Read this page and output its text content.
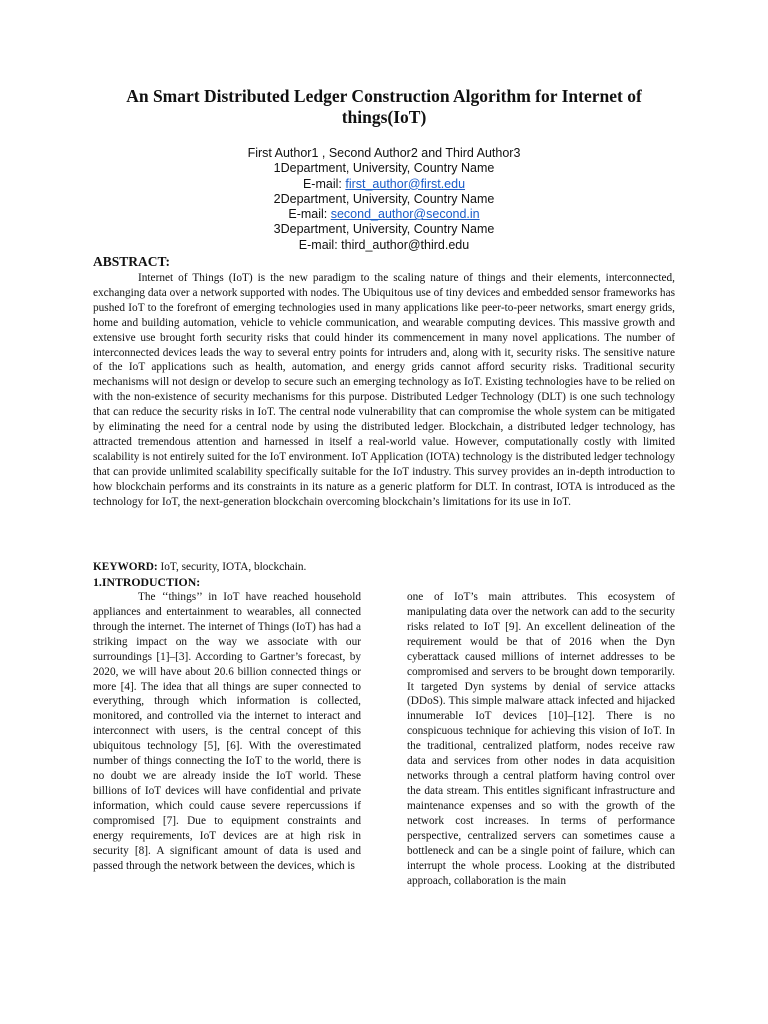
An Smart Distributed Ledger Construction Algorithm for Internet of things(IoT)
First Author1 , Second Author2 and Third Author3
1Department, University, Country Name
E-mail: first_author@first.edu
2Department, University, Country Name
E-mail: second_author@second.in
3Department, University, Country Name
E-mail: third_author@third.edu
ABSTRACT:

Internet of Things (IoT) is the new paradigm to the scaling nature of things and their elements, interconnected, exchanging data over a network supported with nodes. The Ubiquitous use of tiny devices and embedded sensor frameworks has pushed IoT to the forefront of emerging technologies used in many applications like peer-to-peer networks, smart energy grids, home and building automation, vehicle to vehicle communication, and wearable computing devices. This massive growth and extensive use brought forth security risks that could hinder its commencement in many novel applications. The number of interconnected devices leads the way to several entry points for intruders and, along with it, security risks. The sensitive nature of the IoT applications such as health, automation, and energy grids cannot afford security risks. Traditional security mechanisms will not design or develop to secure such an emerging technology as IoT. Existing technologies have to be relied on with the non-existence of security mechanisms for this purpose. Distributed Ledger Technology (DLT) is one such technology that can reduce the security risks in IoT. The central node vulnerability that can compromise the whole system can be mitigated by eliminating the need for a central node by using the distributed ledger. Blockchain, a distributed ledger technology, has attracted tremendous attention and harnessed in itself a real-world value. However, computationally costly with limited scalability is not entirely suited for the IoT environment. IoT Application (IOTA) technology is the distributed ledger technology that can provide unlimited scalability specifically suitable for the IoT industry. This survey provides an in-depth introduction to how blockchain performs and its constraints in its nature as a generic platform for DLT. In contrast, IOTA is introduced as the technology for IoT, the next-generation blockchain overcoming blockchain’s limitations for its use in IoT.

KEYWORD: IoT, security, IOTA, blockchain.

1.INTRODUCTION:

The ‘‘things’’ in IoT have reached household appliances and entertainment to wearables, all connected through the internet. The internet of Things (IoT) has had a striking impact on the way we associate with our surroundings [1]–[3]. According to Gartner’s forecast, by 2020, we will have about 20.6 billion connected things or more [4]. The idea that all things are super connected to everything, through which information is collected, monitored, and controlled via the internet to interact and interconnect with users, is the central concept of this ubiquitous technology [5], [6]. With the overestimated number of things connecting the IoT to the world, there is no doubt we are already inside the IoT world. These billions of IoT devices will have confidential and private information, which could cause severe repercussions if compromised [7]. Due to equipment constraints and energy requirements, IoT devices are at high risk in security [8]. A significant amount of data is used and passed through the network between the devices, which is

one of IoT’s main attributes. This ecosystem of manipulating data over the network can add to the security risks related to IoT [9]. An excellent delineation of the requirement would be that of 2016 when the Dyn cyberattack caused millions of internet addresses to be compromised and servers to be brought down temporarily. It targeted Dyn systems by denial of service attacks (DDoS). This simple malware attack infected and hijacked innumerable IoT devices [10]–[12]. There is no conspicuous technique for achieving this vision of IoT. In the traditional, centralized platform, nodes receive raw data and services from other nodes in data acquisition networks through a central platform having control over the data stream. This entitles significant infrastructure and maintenance expenses and so with the growth of the network cost increases. In terms of performance perspective, centralized servers can sometimes cause a bottleneck and can be a single point of failure, which can interrupt the whole process. Looking at the distributed approach, collaboration is the main
